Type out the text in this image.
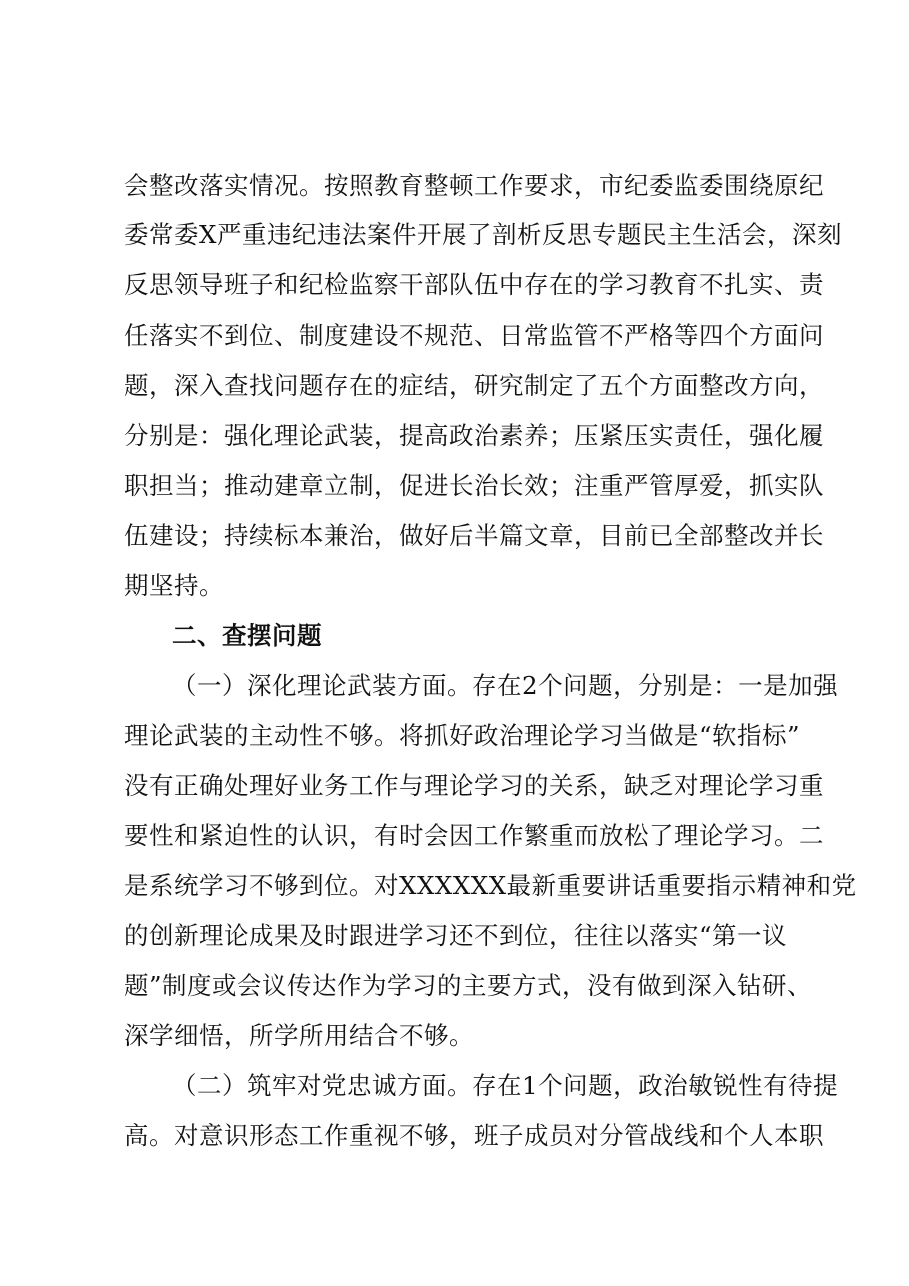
会整改落实情况。按照教育整顿工作要求，市纪委监委围绕原纪
委常委X严重违纪违法案件开展了剖析反思专题民主生活会，深刻
反思领导班子和纪检监察干部队伍中存在的学习教育不扎实、责
任落实不到位、制度建设不规范、日常监管不严格等四个方面问
题，深入查找问题存在的症结，研究制定了五个方面整改方向，
分别是：强化理论武装，提高政治素养；压紧压实责任，强化履
职担当；推动建章立制，促进长治长效；注重严管厚爱，抓实队
伍建设；持续标本兼治，做好后半篇文章，目前已全部整改并长
期坚持。
二、查摆问题
（一）深化理论武装方面。存在2个问题，分别是：一是加强
理论武装的主动性不够。将抓好政治理论学习当做是“软指标”
没有正确处理好业务工作与理论学习的关系，缺乏对理论学习重
要性和紧迫性的认识，有时会因工作繁重而放松了理论学习。二
是系统学习不够到位。对XXXXXX最新重要讲话重要指示精神和党
的创新理论成果及时跟进学习还不到位，往往以落实“第一议
题”制度或会议传达作为学习的主要方式，没有做到深入钻研、
深学细悟，所学所用结合不够。
（二）筑牢对党忠诚方面。存在1个问题，政治敏锐性有待提
高。对意识形态工作重视不够，班子成员对分管战线和个人本职
